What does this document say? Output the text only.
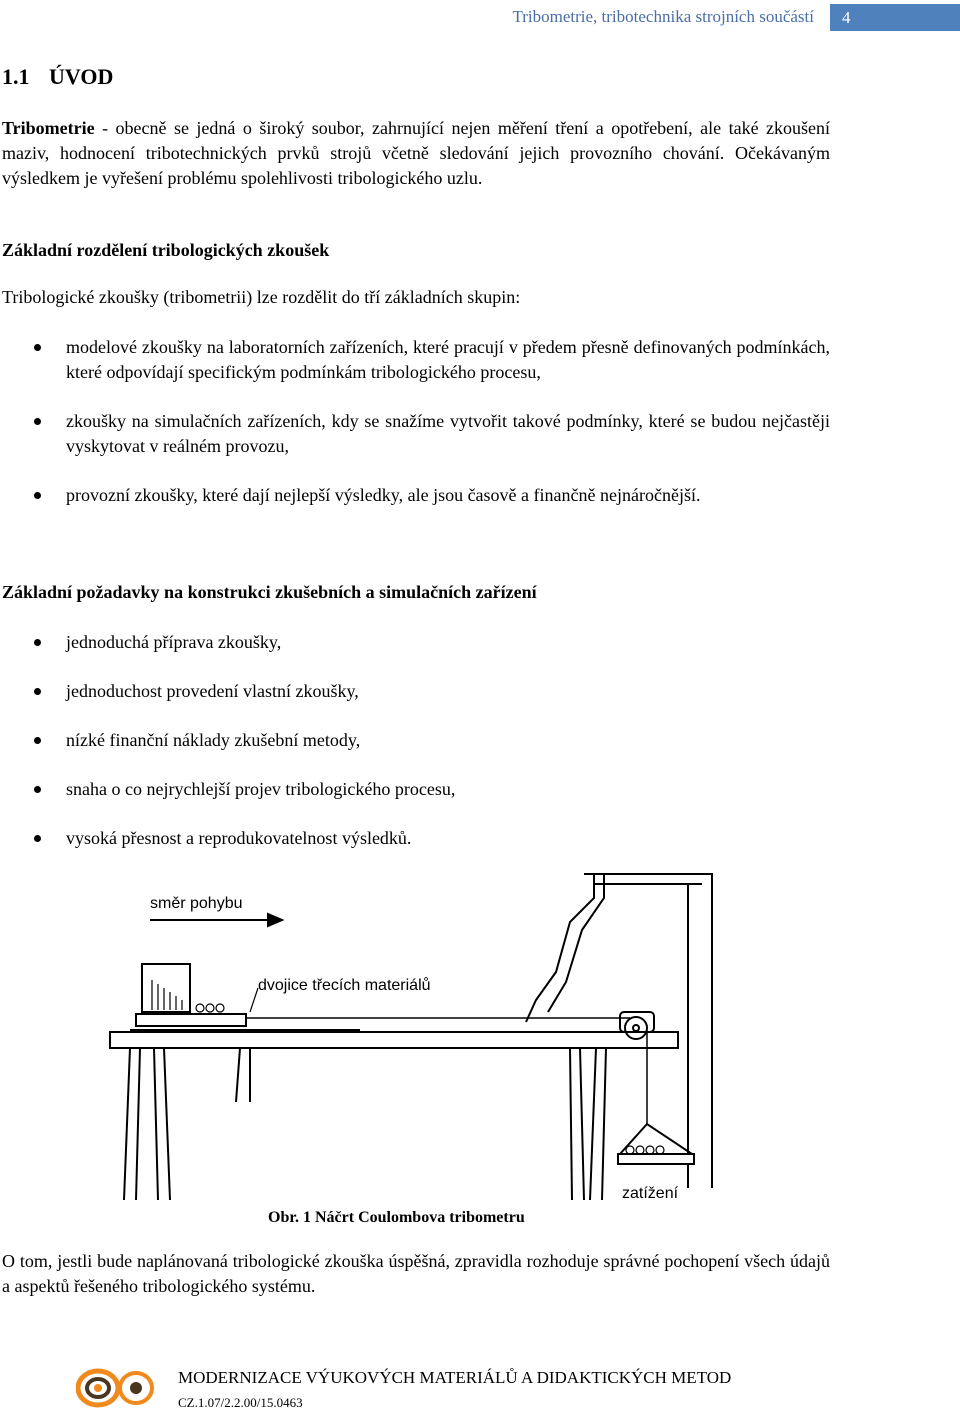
Tribometrie, tribotechnika strojních součástí	4
1.1 ÚVOD
Tribometrie - obecně se jedná o široký soubor, zahrnující nejen měření tření a opotřebení, ale také zkoušení maziv, hodnocení tribotechnických prvků strojů včetně sledování jejich provozního chování. Očekávaným výsledkem je vyřešení problému spolehlivosti tribologického uzlu.
Základní rozdělení tribologických zkoušek
Tribologické zkoušky (tribometrii) lze rozdělit do tří základních skupin:
modelové zkoušky na laboratorních zařízeních, které pracují v předem přesně definovaných podmínkách, které odpovídají specifickým podmínkám tribologického procesu,
zkoušky na simulačních zařízeních, kdy se snažíme vytvořit takové podmínky, které se budou nejčastěji vyskytovat v reálném provozu,
provozní zkoušky, které dají nejlepší výsledky, ale jsou časově a finančně nejnáročnější.
Základní požadavky na konstrukci zkušebních a simulačních zařízení
jednoduchá příprava zkoušky,
jednoduchost provedení vlastní zkoušky,
nízké finanční náklady zkušební metody,
snaha o co nejrychlejší projev tribologického procesu,
vysoká přesnost a reprodukovatelnost výsledků.
směr pohybu
dvojice třecích materiálů
zatížení
Obr. 1 Náčrt Coulombova tribometru
O tom, jestli bude naplánovaná tribologické zkouška úspěšná, zpravidla rozhoduje správné pochopení všech údajů a aspektů řešeného tribologického systému.
MODERNIZACE VÝUKOVÝCH MATERIÁLŮ A DIDAKTICKÝCH METOD
CZ.1.07/2.2.00/15.0463
